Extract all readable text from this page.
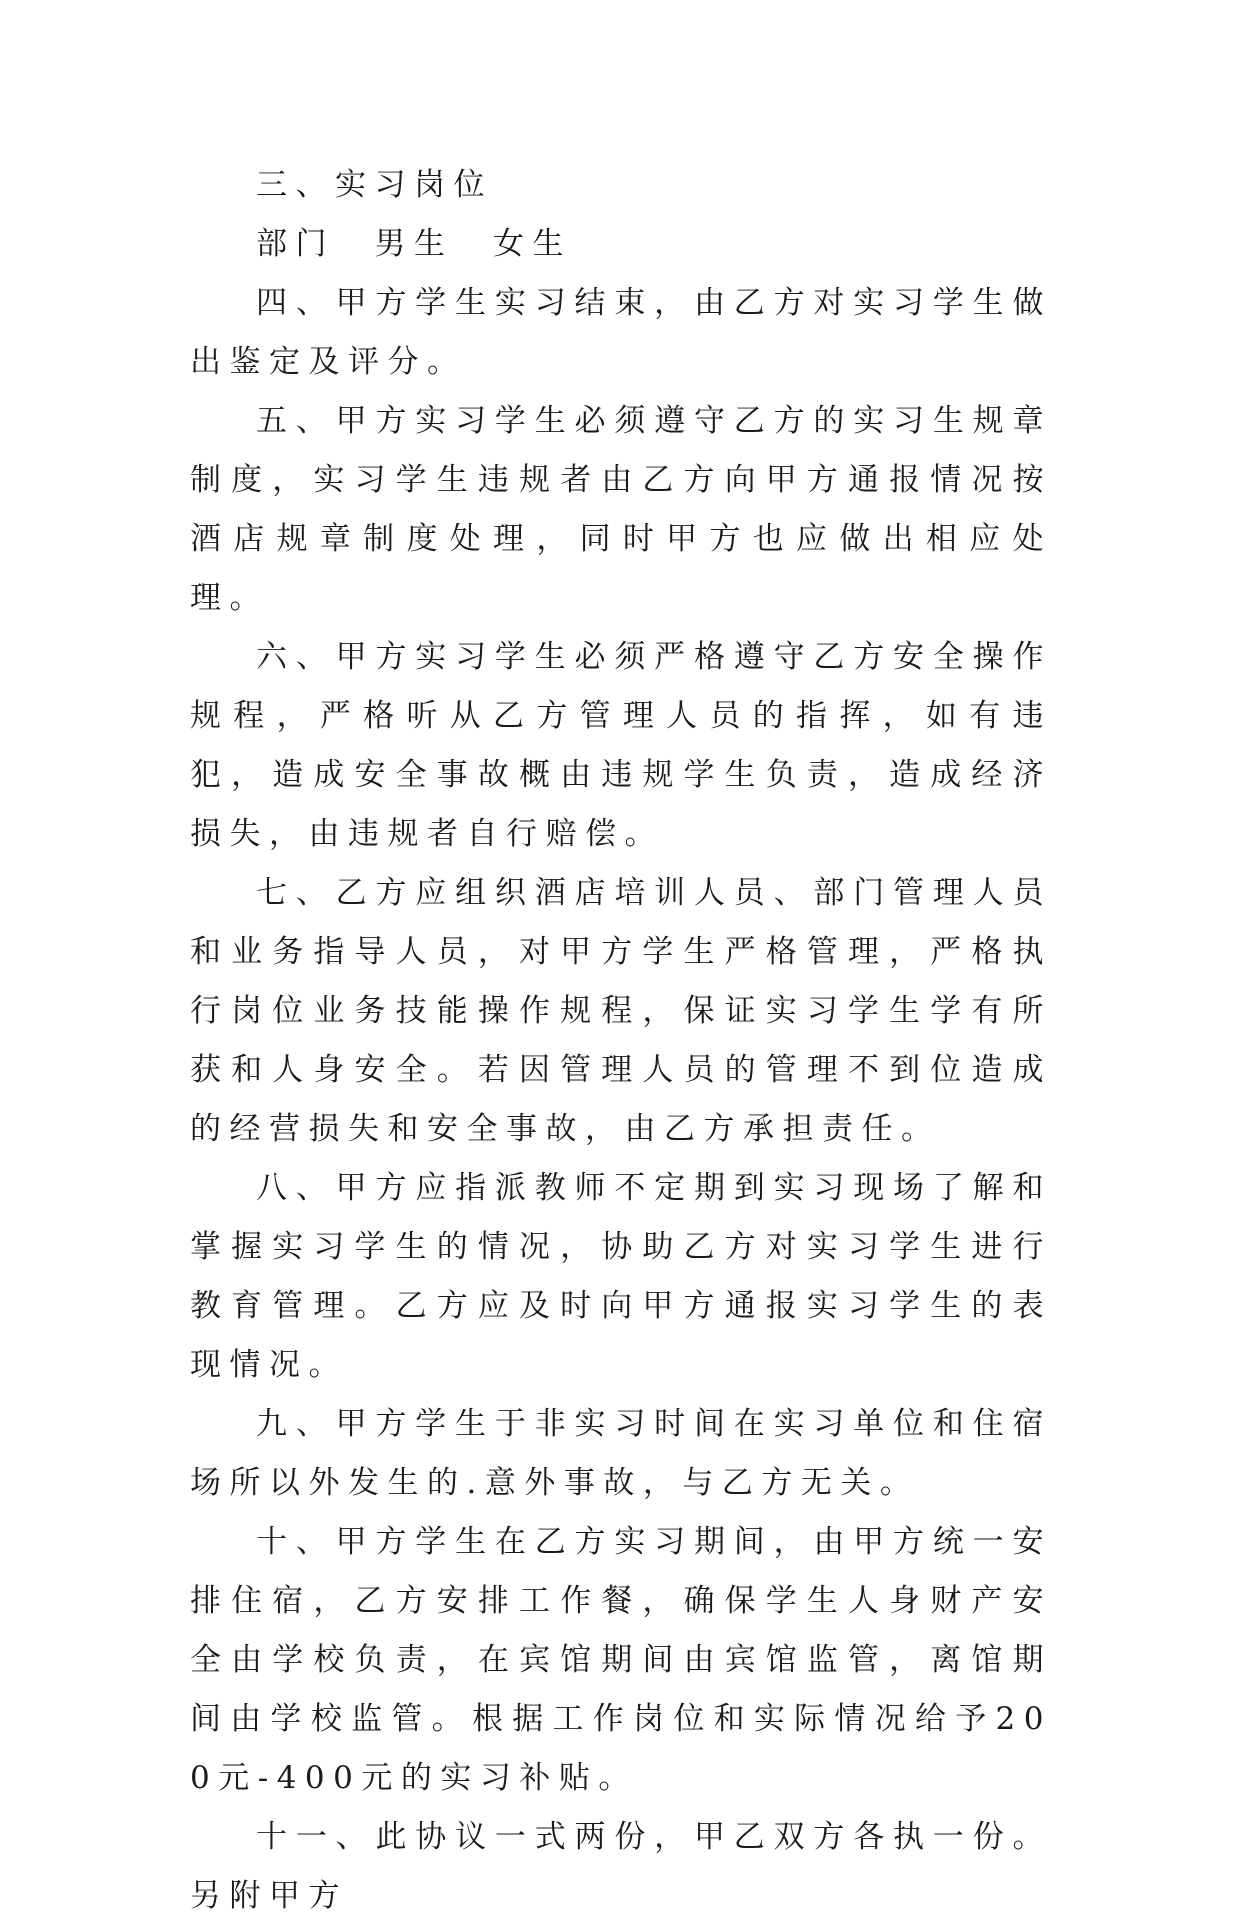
三、实习岗位

部门　男生　女生

四、甲方学生实习结束，由乙方对实习学生做出鉴定及评分。

五、甲方实习学生必须遵守乙方的实习生规章制度，实习学生违规者由乙方向甲方通报情况按酒店规章制度处理，同时甲方也应做出相应处理。

六、甲方实习学生必须严格遵守乙方安全操作规程，严格听从乙方管理人员的指挥，如有违犯，造成安全事故概由违规学生负责，造成经济损失，由违规者自行赔偿。

七、乙方应组织酒店培训人员、部门管理人员和业务指导人员，对甲方学生严格管理，严格执行岗位业务技能操作规程，保证实习学生学有所获和人身安全。若因管理人员的管理不到位造成的经营损失和安全事故，由乙方承担责任。

八、甲方应指派教师不定期到实习现场了解和掌握实习学生的情况，协助乙方对实习学生进行教育管理。乙方应及时向甲方通报实习学生的表现情况。

九、甲方学生于非实习时间在实习单位和住宿场所以外发生的.意外事故，与乙方无关。

十、甲方学生在乙方实习期间，由甲方统一安排住宿，乙方安排工作餐，确保学生人身财产安全由学校负责，在宾馆期间由宾馆监管，离馆期间由学校监管。根据工作岗位和实际情况给予200元-400元的实习补贴。

十一、此协议一式两份，甲乙双方各执一份。另附甲方
